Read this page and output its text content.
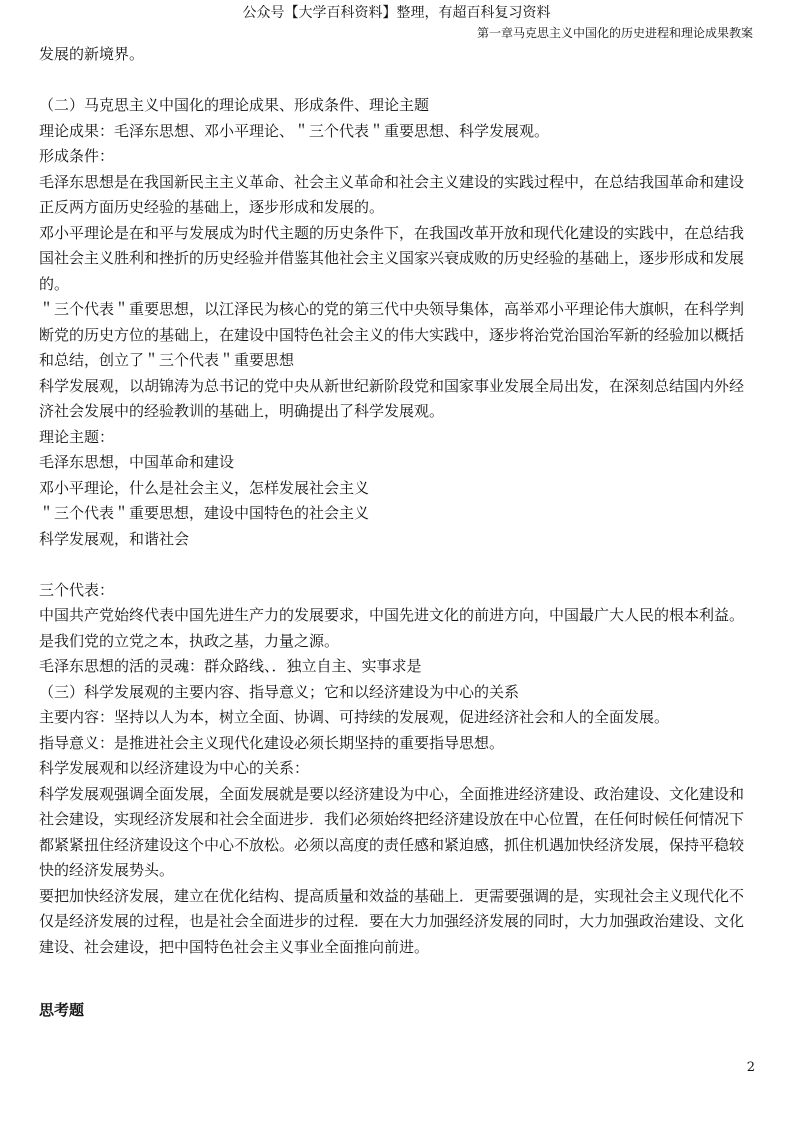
公众号【大学百科资料】整理，有超百科复习资料
第一章马克思主义中国化的历史进程和理论成果教案

发展的新境界。

（二）马克思主义中国化的理论成果、形成条件、理论主题

理论成果：毛泽东思想、邓小平理论、＂三个代表＂重要思想、科学发展观。

形成条件：

毛泽东思想是在我国新民主主义革命、社会主义革命和社会主义建设的实践过程中，在总结我国革命和建设正反两方面历史经验的基础上，逐步形成和发展的。

邓小平理论是在和平与发展成为时代主题的历史条件下，在我国改革开放和现代化建设的实践中，在总结我国社会主义胜利和挫折的历史经验并借鉴其他社会主义国家兴衰成败的历史经验的基础上，逐步形成和发展的。

＂三个代表＂重要思想，以江泽民为核心的党的第三代中央领导集体，高举邓小平理论伟大旗帜，在科学判断党的历史方位的基础上，在建设中国特色社会主义的伟大实践中，逐步将治党治国治军新的经验加以概括和总结，创立了＂三个代表＂重要思想

科学发展观，以胡锦涛为总书记的党中央从新世纪新阶段党和国家事业发展全局出发，在深刻总结国内外经济社会发展中的经验教训的基础上，明确提出了科学发展观。

理论主题：

毛泽东思想，中国革命和建设

邓小平理论，什么是社会主义，怎样发展社会主义

＂三个代表＂重要思想，建设中国特色的社会主义

科学发展观，和谐社会

三个代表：

中国共产党始终代表中国先进生产力的发展要求，中国先进文化的前进方向，中国最广大人民的根本利益。

是我们党的立党之本，执政之基，力量之源。

毛泽东思想的活的灵魂：群众路线、．独立自主、实事求是

（三）科学发展观的主要内容、指导意义；它和以经济建设为中心的关系

主要内容：坚持以人为本，树立全面、协调、可持续的发展观，促进经济社会和人的全面发展。

指导意义：是推进社会主义现代化建设必须长期坚持的重要指导思想。

科学发展观和以经济建设为中心的关系：

科学发展观强调全面发展，全面发展就是要以经济建设为中心，全面推进经济建设、政治建设、文化建设和社会建设，实现经济发展和社会全面进步．我们必须始终把经济建设放在中心位置，在任何时候任何情况下都紧紧扭住经济建设这个中心不放松。必须以高度的责任感和紧迫感，抓住机遇加快经济发展，保持平稳较快的经济发展势头。

要把加快经济发展，建立在优化结构、提高质量和效益的基础上．更需要强调的是，实现社会主义现代化不仅是经济发展的过程，也是社会全面进步的过程．要在大力加强经济发展的同时，大力加强政治建设、文化建设、社会建设，把中国特色社会主义事业全面推向前进。

思考题

2
